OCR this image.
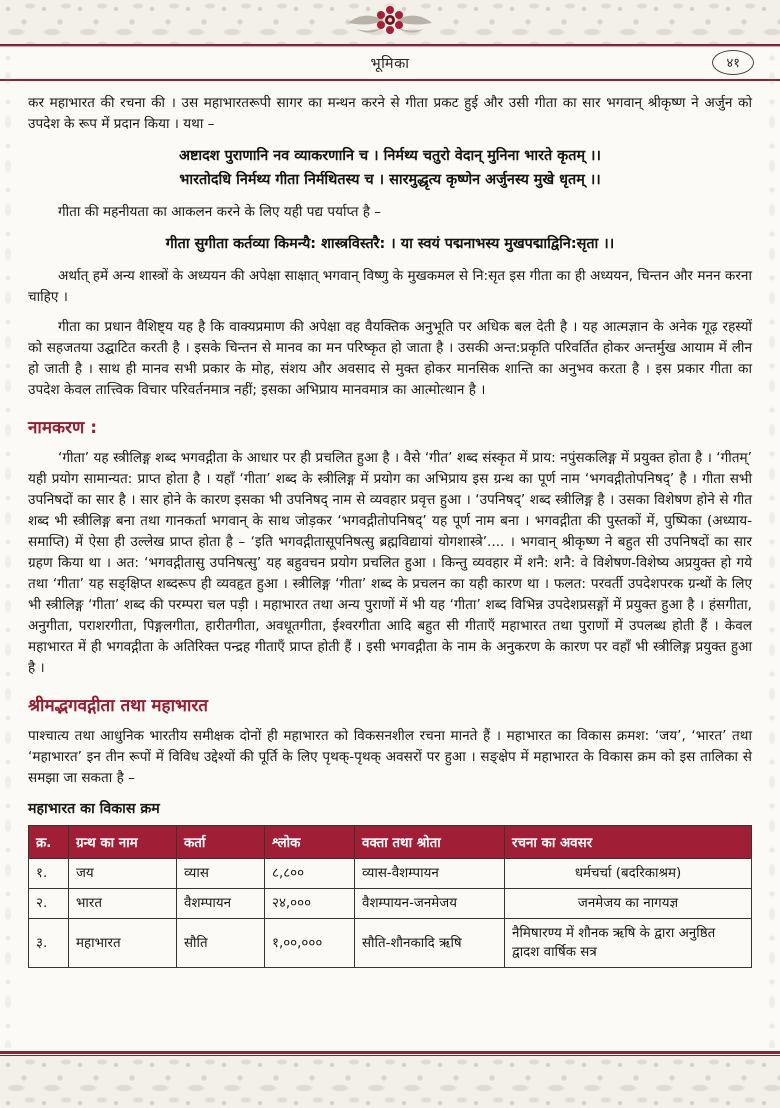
भूमिका	४१

कर महाभारत की रचना की । उस महाभारतरूपी सागर का मन्थन करने से गीता प्रकट हुई और उसी गीता का सार भगवान् श्रीकृष्ण ने अर्जुन को उपदेश के रूप में प्रदान किया । यथा –

अष्टादश पुराणानि नव व्याकरणानि च । निर्मथ्य चतुरो वेदान् मुनिना भारते कृतम् ।।
भारतोदधि निर्मथ्य गीता निर्मथितस्य च । सारमुद्धृत्य कृष्णेन अर्जुनस्य मुखे धृतम् ।।

गीता की महनीयता का आकलन करने के लिए यही पद्य पर्याप्त है –

गीता सुगीता कर्तव्या किमन्यै: शास्त्रविस्तरै: । या स्वयं पद्मनाभस्य मुखपद्माद्विनि:सृता ।।

अर्थात् हमें अन्य शास्त्रों के अध्ययन की अपेक्षा साक्षात् भगवान् विष्णु के मुखकमल से नि:सृत इस गीता का ही अध्ययन, चिन्तन और मनन करना चाहिए ।

गीता का प्रधान वैशिष्ट्य यह है कि वाक्यप्रमाण की अपेक्षा वह वैयक्तिक अनुभूति पर अधिक बल देती है । यह आत्मज्ञान के अनेक गूढ़ रहस्यों को सहजतया उद्घाटित करती है । इसके चिन्तन से मानव का मन परिष्कृत हो जाता है । उसकी अन्त:प्रकृति परिवर्तित होकर अन्तर्मुख आयाम में लीन हो जाती है । साथ ही मानव सभी प्रकार के मोह, संशय और अवसाद से मुक्त होकर मानसिक शान्ति का अनुभव करता है । इस प्रकार गीता का उपदेश केवल तात्त्विक विचार परिवर्तनमात्र नहीं; इसका अभिप्राय मानवमात्र का आत्मोत्थान है ।

नामकरण :

‘गीता’ यह स्त्रीलिङ्ग शब्द भगवद्गीता के आधार पर ही प्रचलित हुआ है । वैसे ‘गीत’ शब्द संस्कृत में प्राय: नपुंसकलिङ्ग में प्रयुक्त होता है । ‘गीतम्’ यही प्रयोग सामान्यत: प्राप्त होता है । यहाँ ‘गीता’ शब्द के स्त्रीलिङ्ग में प्रयोग का अभिप्राय इस ग्रन्थ का पूर्ण नाम ‘भगवद्गीतोपनिषद्’ है । गीता सभी उपनिषदों का सार है । सार होने के कारण इसका भी उपनिषद् नाम से व्यवहार प्रवृत्त हुआ । ‘उपनिषद्’ शब्द स्त्रीलिङ्ग है । उसका विशेषण होने से गीत शब्द भी स्त्रीलिङ्ग बना तथा गानकर्ता भगवान् के साथ जोड़कर ‘भगवद्गीतोपनिषद्’ यह पूर्ण नाम बना । भगवद्गीता की पुस्तकों में, पुष्पिका (अध्याय-समाप्ति) में ऐसा ही उल्लेख प्राप्त होता है – ‘इति भगवद्गीतासूपनिषत्सु ब्रह्मविद्यायां योगशास्त्रे’.... । भगवान् श्रीकृष्ण ने बहुत सी उपनिषदों का सार ग्रहण किया था । अत: ‘भगवद्गीतासु उपनिषत्सु’ यह बहुवचन प्रयोग प्रचलित हुआ । किन्तु व्यवहार में शनै: शनै: वे विशेषण-विशेष्य अप्रयुक्त हो गये तथा ‘गीता’ यह सङ्क्षिप्त शब्दरूप ही व्यवहृत हुआ । स्त्रीलिङ्ग ‘गीता’ शब्द के प्रचलन का यही कारण था । फलत: परवर्ती उपदेशपरक ग्रन्थों के लिए भी स्त्रीलिङ्ग ‘गीता’ शब्द की परम्परा चल पड़ी । महाभारत तथा अन्य पुराणों में भी यह ‘गीता’ शब्द विभिन्न उपदेशप्रसङ्गों में प्रयुक्त हुआ है । हंसगीता, अनुगीता, पराशरगीता, पिङ्गलगीता, हारीतगीता, अवधूतगीता, ईश्वरगीता आदि बहुत सी गीताएँ महाभारत तथा पुराणों में उपलब्ध होती हैं । केवल महाभारत में ही भगवद्गीता के अतिरिक्त पन्द्रह गीताएँ प्राप्त होती हैं । इसी भगवद्गीता के नाम के अनुकरण के कारण पर वहाँ भी स्त्रीलिङ्ग प्रयुक्त हुआ है ।

श्रीमद्भगवद्गीता तथा महाभारत

पाश्चात्य तथा आधुनिक भारतीय समीक्षक दोनों ही महाभारत को विकसनशील रचना मानते हैं । महाभारत का विकास क्रमश: ‘जय’, ‘भारत’ तथा ‘महाभारत’ इन तीन रूपों में विविध उद्देश्यों की पूर्ति के लिए पृथक्-पृथक् अवसरों पर हुआ । सङ्क्षेप में महाभारत के विकास क्रम को इस तालिका से समझा जा सकता है –

महाभारत का विकास क्रम
क्र.	ग्रन्थ का नाम	कर्ता	श्लोक	वक्ता तथा श्रोता	रचना का अवसर
१.	जय	व्यास	८,८००	व्यास-वैशम्पायन	धर्मचर्चा (बदरिकाश्रम)
२.	भारत	वैशम्पायन	२४,०००	वैशम्पायन-जनमेजय	जनमेजय का नागयज्ञ
३.	महाभारत	सौति	१,००,०००	सौति-शौनकादि ऋषि	नैमिषारण्य में शौनक ऋषि के द्वारा अनुष्ठित द्वादश वार्षिक सत्र
